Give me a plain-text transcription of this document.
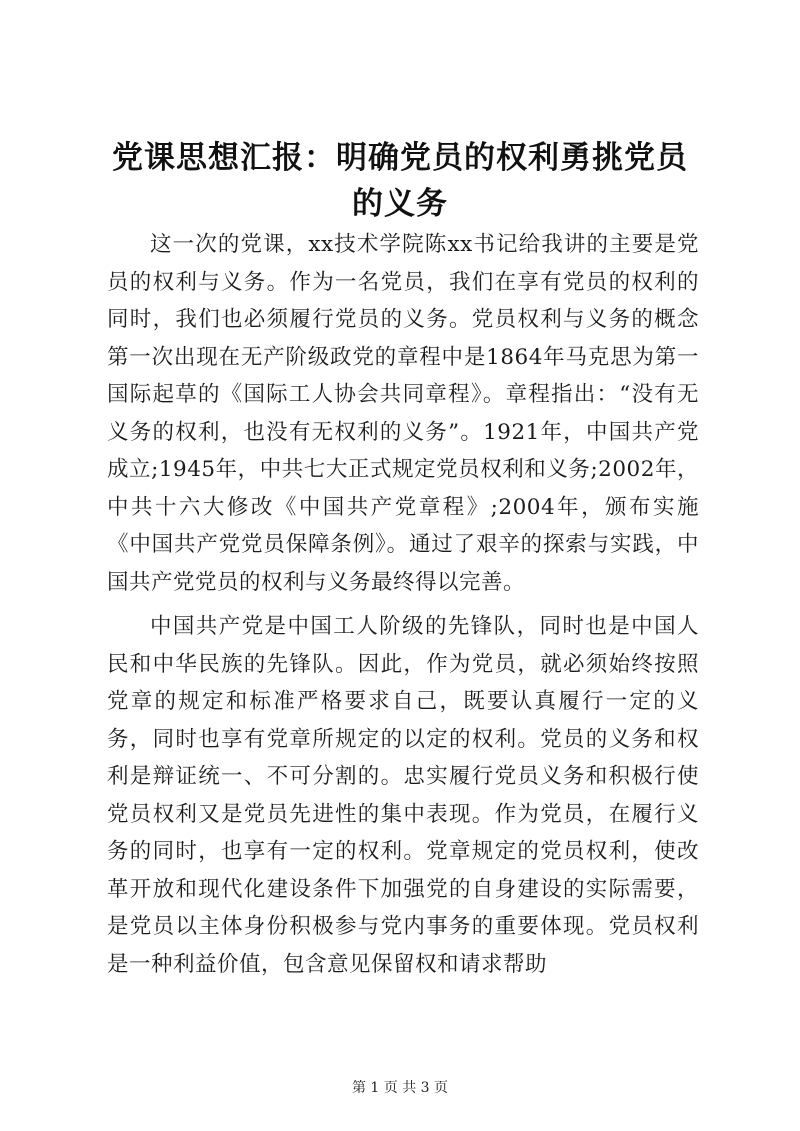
党课思想汇报：明确党员的权利勇挑党员的义务

这一次的党课，xx技术学院陈xx书记给我讲的主要是党员的权利与义务。作为一名党员，我们在享有党员的权利的同时，我们也必须履行党员的义务。党员权利与义务的概念第一次出现在无产阶级政党的章程中是1864年马克思为第一国际起草的《国际工人协会共同章程》。章程指出：“没有无义务的权利，也没有无权利的义务”。1921年，中国共产党成立;1945年，中共七大正式规定党员权利和义务;2002年，中共十六大修改《中国共产党章程》;2004年，颁布实施《中国共产党党员保障条例》。通过了艰辛的探索与实践，中国共产党党员的权利与义务最终得以完善。

中国共产党是中国工人阶级的先锋队，同时也是中国人民和中华民族的先锋队。因此，作为党员，就必须始终按照党章的规定和标准严格要求自己，既要认真履行一定的义务，同时也享有党章所规定的以定的权利。党员的义务和权利是辩证统一、不可分割的。忠实履行党员义务和积极行使党员权利又是党员先进性的集中表现。作为党员，在履行义务的同时，也享有一定的权利。党章规定的党员权利，使改革开放和现代化建设条件下加强党的自身建设的实际需要，是党员以主体身份积极参与党内事务的重要体现。党员权利是一种利益价值，包含意见保留权和请求帮助

第 1 页 共 3 页
